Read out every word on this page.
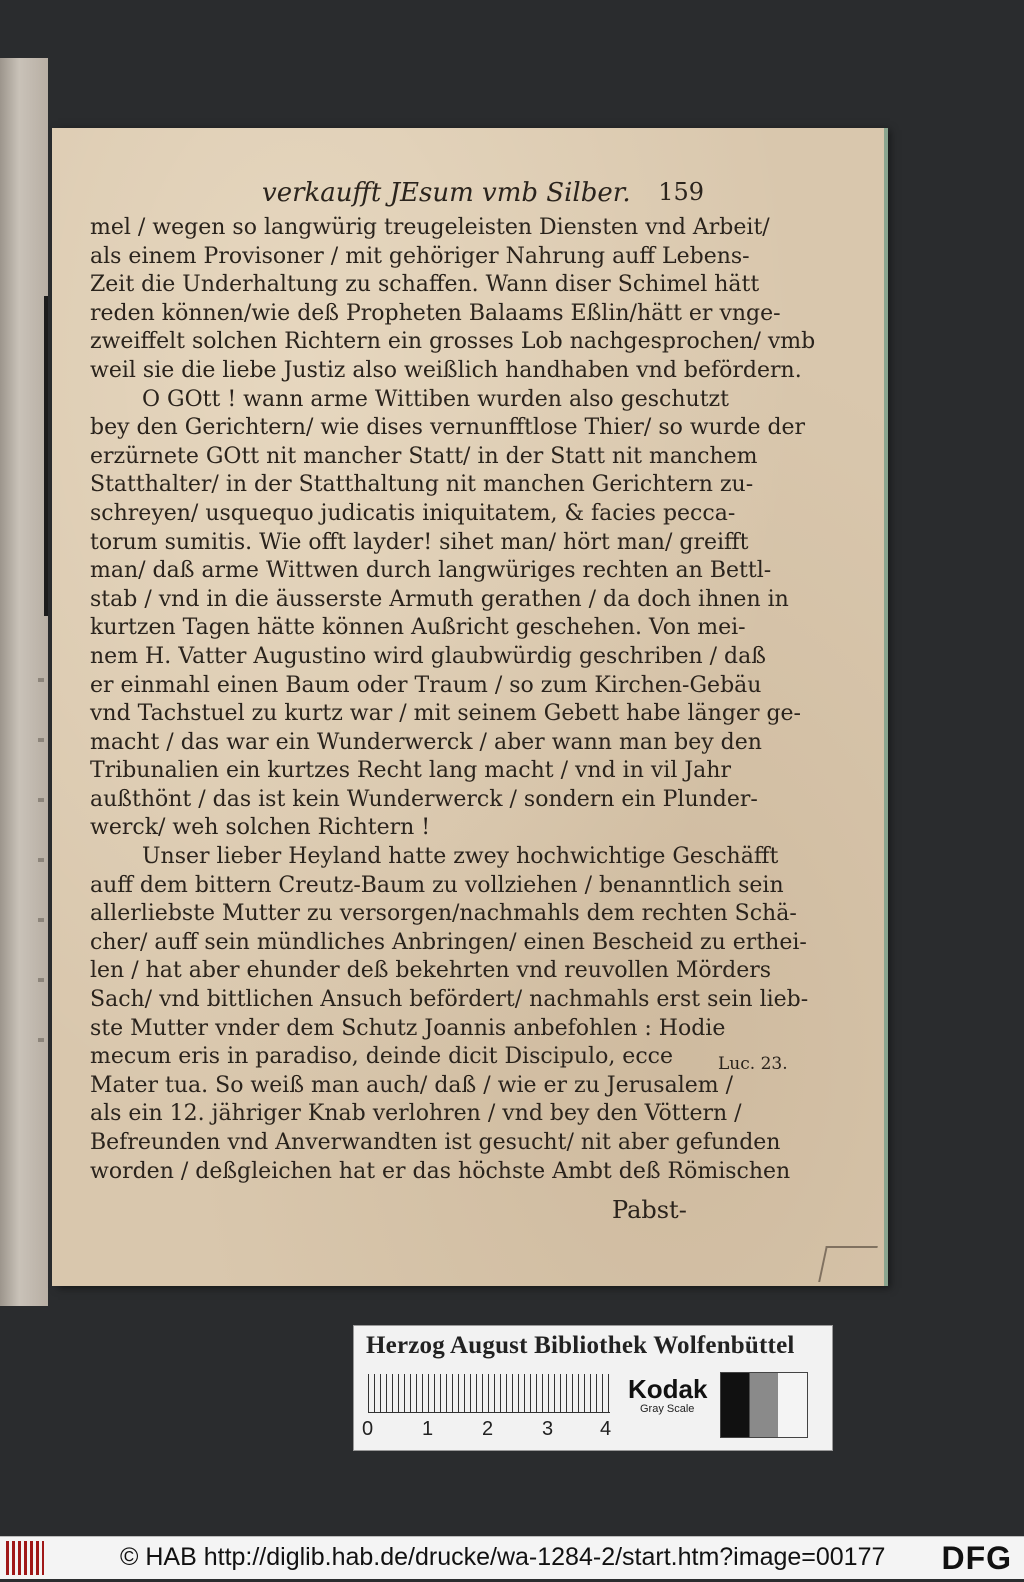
verkaufft JEsum vmb Silber. 159
mel / wegen so langwürig treugeleisten Diensten vnd Arbeit/
als einem Provisoner / mit gehöriger Nahrung auff Lebens-
Zeit die Underhaltung zu schaffen. Wann diser Schimel hätt
reden können/wie deß Propheten Balaams Eßlin/hätt er vnge-
zweiffelt solchen Richtern ein grosses Lob nachgesprochen/ vmb
weil sie die liebe Justiz also weißlich handhaben vnd befördern.
O GOtt ! wann arme Wittiben wurden also geschutzt
bey den Gerichtern/ wie dises vernunfftlose Thier/ so wurde der
erzürnete GOtt nit mancher Statt/ in der Statt nit manchem
Statthalter/ in der Statthaltung nit manchen Gerichtern zu-
schreyen/ usquequo judicatis iniquitatem, & facies pecca-
torum sumitis. Wie offt layder! sihet man/ hört man/ greifft
man/ daß arme Wittwen durch langwüriges rechten an Bettl-
stab / vnd in die äusserste Armuth gerathen / da doch ihnen in
kurtzen Tagen hätte können Außricht geschehen. Von mei-
nem H. Vatter Augustino wird glaubwürdig geschriben / daß
er einmahl einen Baum oder Traum / so zum Kirchen-Gebäu
vnd Tachstuel zu kurtz war / mit seinem Gebett habe länger ge-
macht / das war ein Wunderwerck / aber wann man bey den
Tribunalien ein kurtzes Recht lang macht / vnd in vil Jahr
außthönt / das ist kein Wunderwerck / sondern ein Plunder-
werck/ weh solchen Richtern !
Unser lieber Heyland hatte zwey hochwichtige Geschäfft
auff dem bittern Creutz-Baum zu vollziehen / benanntlich sein
allerliebste Mutter zu versorgen/nachmahls dem rechten Schä-
cher/ auff sein mündliches Anbringen/ einen Bescheid zu erthei-
len / hat aber ehunder deß bekehrten vnd reuvollen Mörders
Sach/ vnd bittlichen Ansuch befördert/ nachmahls erst sein lieb-
ste Mutter vnder dem Schutz Joannis anbefohlen : Hodie
mecum eris in paradiso, deinde dicit Discipulo, ecce
Mater tua. So weiß man auch/ daß / wie er zu Jerusalem /
als ein 12. jähriger Knab verlohren / vnd bey den Vöttern /
Befreunden vnd Anverwandten ist gesucht/ nit aber gefunden
worden / deßgleichen hat er das höchste Ambt deß Römischen
Luc. 23.
Pabst-
Herzog August Bibliothek Wolfenbüttel
0 1 2 3 4
Kodak
Gray Scale
© HAB http://diglib.hab.de/drucke/wa-1284-2/start.htm?image=00177 DFG
